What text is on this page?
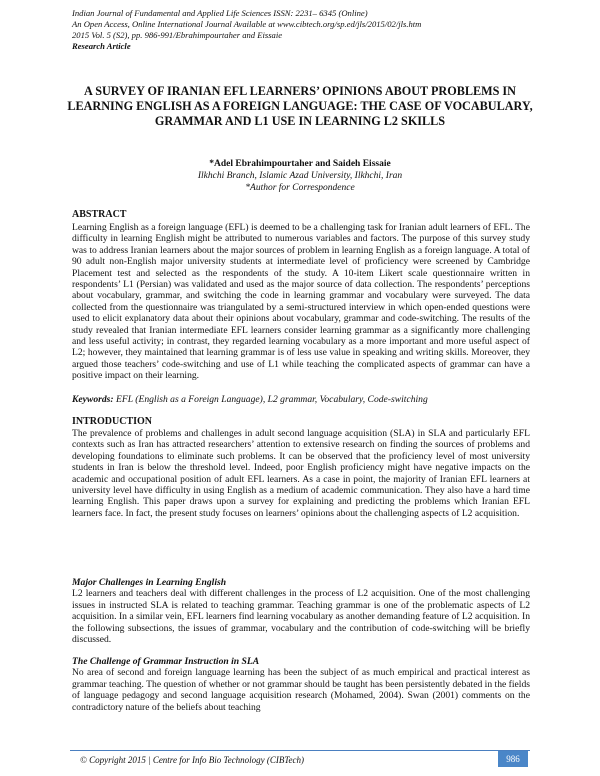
Indian Journal of Fundamental and Applied Life Sciences ISSN: 2231– 6345 (Online)
An Open Access, Online International Journal Available at www.cibtech.org/sp.ed/jls/2015/02/jls.htm
2015 Vol. 5 (S2), pp. 986-991/Ebrahimpourtaher and Eissaie
Research Article
A SURVEY OF IRANIAN EFL LEARNERS’ OPINIONS ABOUT PROBLEMS IN LEARNING ENGLISH AS A FOREIGN LANGUAGE: THE CASE OF VOCABULARY, GRAMMAR AND L1 USE IN LEARNING L2 SKILLS
*Adel Ebrahimpourtaher and Saideh Eissaie
Ilkhchi Branch, Islamic Azad University, Ilkhchi, Iran
*Author for Correspondence
ABSTRACT
Learning English as a foreign language (EFL) is deemed to be a challenging task for Iranian adult learners of EFL. The difficulty in learning English might be attributed to numerous variables and factors. The purpose of this survey study was to address Iranian learners about the major sources of problem in learning English as a foreign language. A total of 90 adult non-English major university students at intermediate level of proficiency were screened by Cambridge Placement test and selected as the respondents of the study. A 10-item Likert scale questionnaire written in respondents’ L1 (Persian) was validated and used as the major source of data collection. The respondents’ perceptions about vocabulary, grammar, and switching the code in learning grammar and vocabulary were surveyed. The data collected from the questionnaire was triangulated by a semi-structured interview in which open-ended questions were used to elicit explanatory data about their opinions about vocabulary, grammar and code-switching. The results of the study revealed that Iranian intermediate EFL learners consider learning grammar as a significantly more challenging and less useful activity; in contrast, they regarded learning vocabulary as a more important and more useful aspect of L2; however, they maintained that learning grammar is of less use value in speaking and writing skills. Moreover, they argued those teachers’ code-switching and use of L1 while teaching the complicated aspects of grammar can have a positive impact on their learning.
Keywords: EFL (English as a Foreign Language), L2 grammar, Vocabulary, Code-switching
INTRODUCTION
The prevalence of problems and challenges in adult second language acquisition (SLA) in SLA and particularly EFL contexts such as Iran has attracted researchers’ attention to extensive research on finding the sources of problems and developing foundations to eliminate such problems. It can be observed that the proficiency level of most university students in Iran is below the threshold level. Indeed, poor English proficiency might have negative impacts on the academic and occupational position of adult EFL learners. As a case in point, the majority of Iranian EFL learners at university level have difficulty in using English as a medium of academic communication. They also have a hard time learning English. This paper draws upon a survey for explaining and predicting the problems which Iranian EFL learners face. In fact, the present study focuses on learners’ opinions about the challenging aspects of L2 acquisition.
Major Challenges in Learning English
L2 learners and teachers deal with different challenges in the process of L2 acquisition. One of the most challenging issues in instructed SLA is related to teaching grammar. Teaching grammar is one of the problematic aspects of L2 acquisition. In a similar vein, EFL learners find learning vocabulary as another demanding feature of L2 acquisition. In the following subsections, the issues of grammar, vocabulary and the contribution of code-switching will be briefly discussed.
The Challenge of Grammar Instruction in SLA
No area of second and foreign language learning has been the subject of as much empirical and practical interest as grammar teaching. The question of whether or not grammar should be taught has been persistently debated in the fields of language pedagogy and second language acquisition research (Mohamed, 2004). Swan (2001) comments on the contradictory nature of the beliefs about teaching
© Copyright 2015 | Centre for Info Bio Technology (CIBTech)	986
